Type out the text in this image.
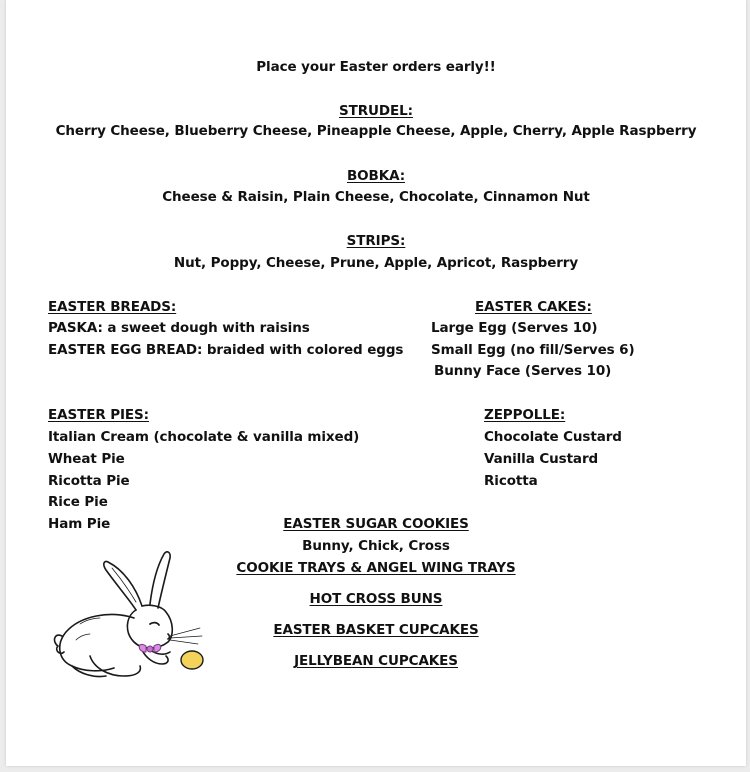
Place your Easter orders early!!
STRUDEL:
Cherry Cheese, Blueberry Cheese, Pineapple Cheese, Apple, Cherry, Apple Raspberry
BOBKA:
Cheese & Raisin, Plain Cheese, Chocolate, Cinnamon Nut
STRIPS:
Nut, Poppy, Cheese, Prune, Apple, Apricot, Raspberry
EASTER BREADS:
PASKA: a sweet dough with raisins
EASTER EGG BREAD: braided with colored eggs
EASTER CAKES:
Large Egg (Serves 10)
Small Egg (no fill/Serves 6)
Bunny Face (Serves 10)
EASTER PIES:
Italian Cream (chocolate & vanilla mixed)
Wheat Pie
Ricotta Pie
Rice Pie
Ham Pie
ZEPPOLLE:
Chocolate Custard
Vanilla Custard
Ricotta
EASTER SUGAR COOKIES
Bunny, Chick, Cross
COOKIE TRAYS & ANGEL WING TRAYS
HOT CROSS BUNS
EASTER BASKET CUPCAKES
JELLYBEAN CUPCAKES
